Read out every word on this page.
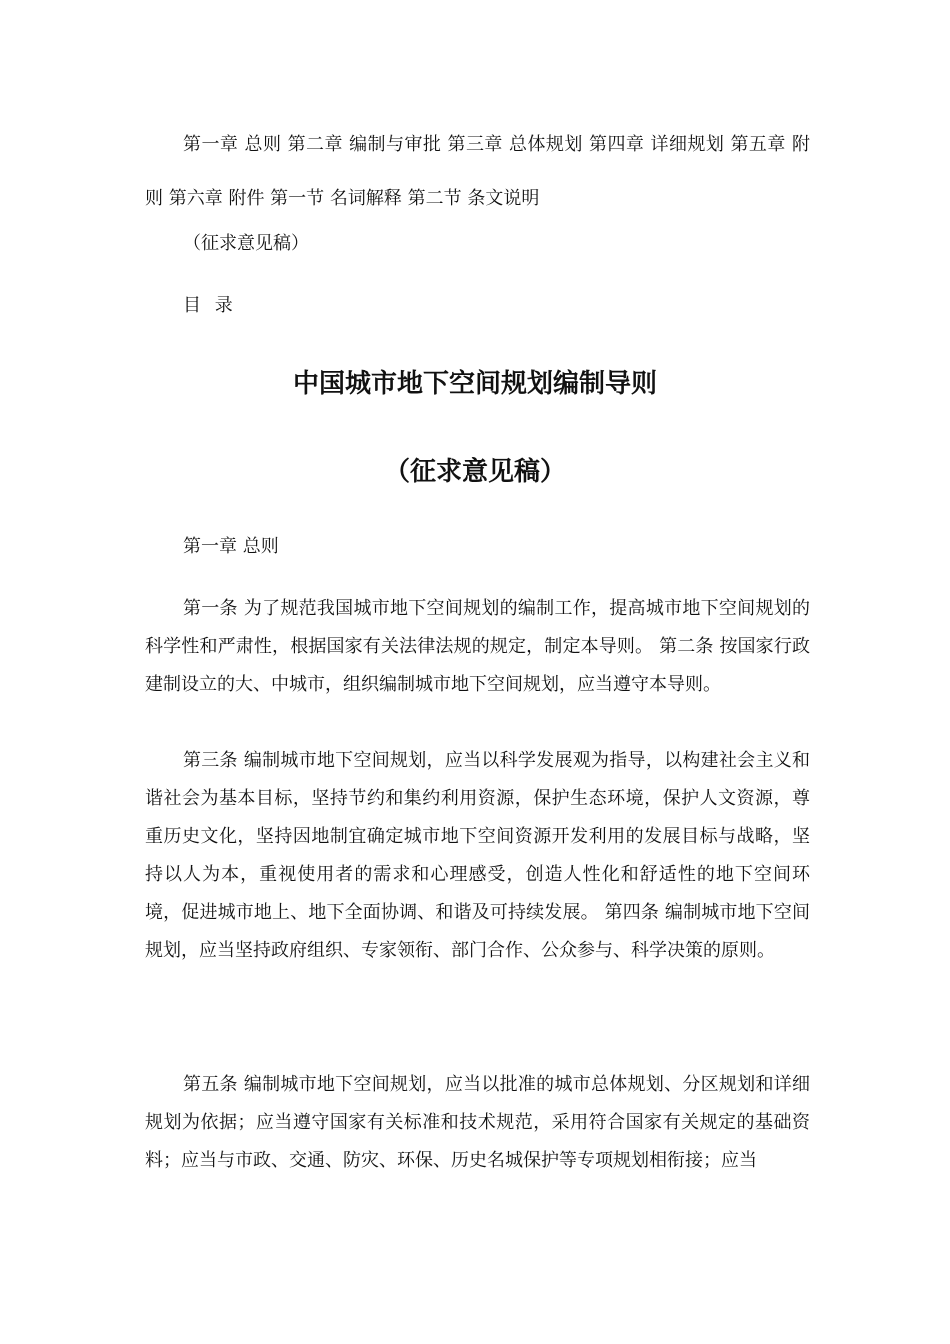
第一章 总则 第二章 编制与审批 第三章 总体规划 第四章 详细规划 第五章 附则 第六章 附件 第一节 名词解释 第二节 条文说明

（征求意见稿）

目 录

中国城市地下空间规划编制导则
（征求意见稿）

第一章 总则

第一条 为了规范我国城市地下空间规划的编制工作，提高城市地下空间规划的科学性和严肃性，根据国家有关法律法规的规定，制定本导则。 第二条 按国家行政建制设立的大、中城市，组织编制城市地下空间规划，应当遵守本导则。

第三条 编制城市地下空间规划，应当以科学发展观为指导，以构建社会主义和谐社会为基本目标，坚持节约和集约利用资源，保护生态环境，保护人文资源，尊重历史文化，坚持因地制宜确定城市地下空间资源开发利用的发展目标与战略，坚持以人为本，重视使用者的需求和心理感受，创造人性化和舒适性的地下空间环境，促进城市地上、地下全面协调、和谐及可持续发展。 第四条 编制城市地下空间规划，应当坚持政府组织、专家领衔、部门合作、公众参与、科学决策的原则。

第五条 编制城市地下空间规划，应当以批准的城市总体规划、分区规划和详细规划为依据；应当遵守国家有关标准和技术规范，采用符合国家有关规定的基础资料；应当与市政、交通、防灾、环保、历史名城保护等专项规划相衔接；应当
